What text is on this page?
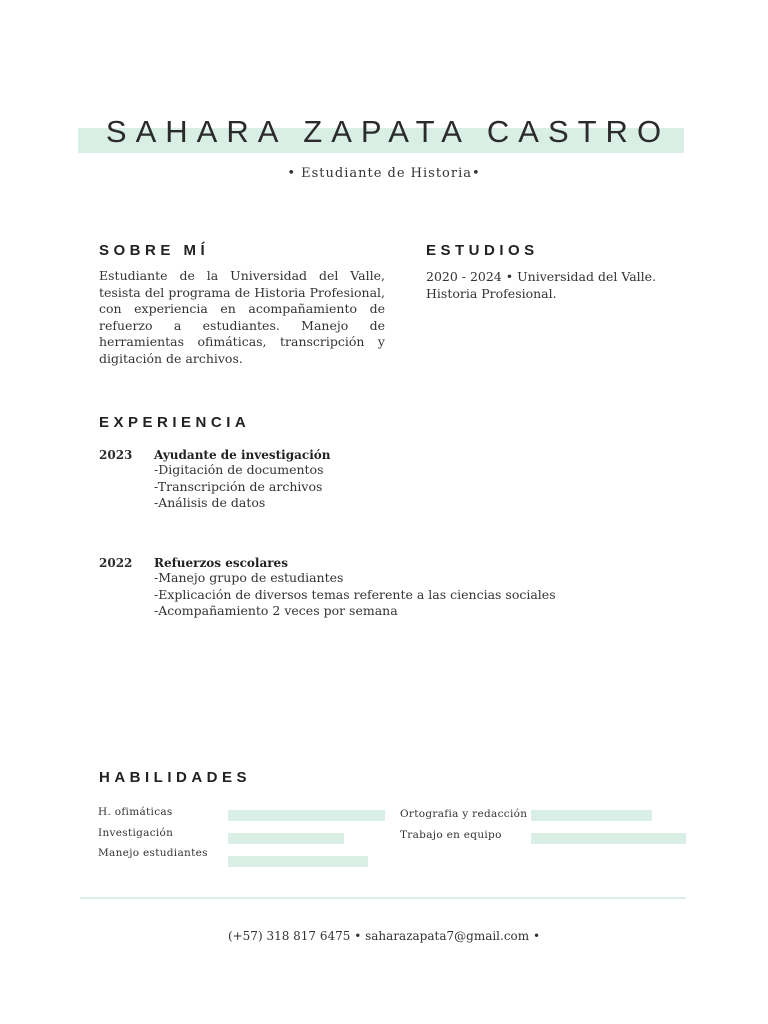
SAHARA ZAPATA CASTRO
• Estudiante de Historia•
SOBRE MÍ
Estudiante de la Universidad del Valle, tesista del programa de Historia Profesional, con experiencia en acompañamiento de refuerzo a estudiantes. Manejo de herramientas ofimáticas, transcripción y digitación de archivos.
ESTUDIOS
2020 - 2024 • Universidad del Valle.
Historia Profesional.
EXPERIENCIA
2023 Ayudante de investigación
-Digitación de documentos
-Transcripción de archivos
-Análisis de datos
2022 Refuerzos escolares
-Manejo grupo de estudiantes
-Explicación de diversos temas referente a las ciencias sociales
-Acompañamiento 2 veces por semana
HABILIDADES
H. ofimáticas
Investigación
Manejo estudiantes
Ortografia y redacción
Trabajo en equipo
(+57) 318 817 6475 • saharazapata7@gmail.com •
